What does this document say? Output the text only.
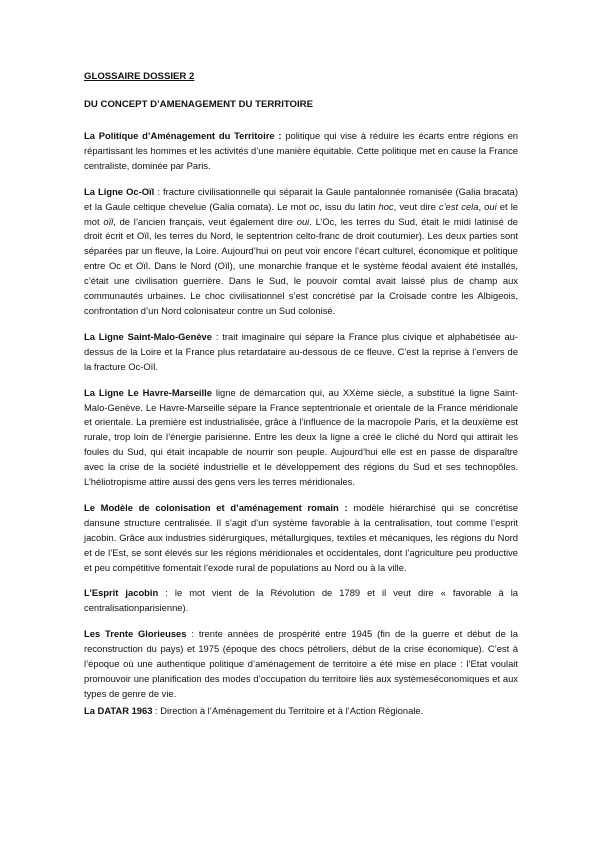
GLOSSAIRE DOSSIER 2
DU CONCEPT D’AMENAGEMENT DU TERRITOIRE

La Politique d’Aménagement du Territoire : politique qui vise à réduire les écarts entre régions en répartissant les hommes et les activités d’une manière équitable. Cette politique met en cause la France centraliste, dominée par Paris.

La Ligne Oc-Oïl : fracture civilisationnelle qui séparait la Gaule pantalonnée romanisée (Galia bracata) et la Gaule celtique chevelue (Galia comata). Le mot oc, issu du latin hoc, veut dire c’est cela, oui et le mot oïl, de l’ancien français, veut également dire oui. L’Oc, les terres du Sud, était le midi latinisé de droit écrit et Oïl, les terres du Nord, le septentrion celto-franc de droit coutumier). Les deux parties sont séparées par un fleuve, la Loire. Aujourd’hui on peut voir encore l’écart culturel, économique et politique entre Oc et Oïl. Dans le Nord (Oïl), une monarchie franque et le système féodal avaient été installés, c’était une civilisation guerrière. Dans le Sud, le pouvoir comtal avait laissé plus de champ aux communautés urbaines. Le choc civilisationnel s’est concrétisé par la Croisade contre les Albigeois, confrontation d’un Nord colonisateur contre un Sud colonisé.

La Ligne Saint-Malo-Genève : trait imaginaire qui sépare la France plus civique et alphabétisée au-dessus de la Loire et la France plus retardataire au-dessous de ce fleuve. C’est la reprise à l’envers de la fracture Oc-Oïl.

La Ligne Le Havre-Marseille ligne de démarcation qui, au XXème siècle, a substitué la ligne Saint-Malo-Genève. Le Havre-Marseille sépare la France septentrionale et orientale de la France méridionale et orientale. La première est industrialisée, grâce à l’influence de la macropole Paris, et la deuxième est rurale, trop loin de l’énergie parisienne. Entre les deux la ligne a créé le cliché du Nord qui attirait les foules du Sud, qui était incapable de nourrir son peuple. Aujourd’hui elle est en passe de disparaître avec la crise de la société industrielle et le développement des régions du Sud et ses technopôles. L’héliotropisme attire aussi des gens vers les terres méridionales.

Le Modèle de colonisation et d’aménagement romain : modèle hiérarchisé qui se concrétise dansune structure centralisée. Il s’agit d’un système favorable à la centralisation, tout comme l’esprit jacobin. Grâce aux industries sidérurgiques, métallurgiques, textiles et mécaniques, les régions du Nord et de l’Est, se sont élevés sur les régions méridionales et occidentales, dont l’agriculture peu productive et peu compétitive fomentait l’exode rural de populations au Nord ou à la ville.

L’Esprit jacobin : le mot vient de la Révolution de 1789 et il veut dire « favorable à la centralisationparisienne).

Les Trente Glorieuses : trente années de prospérité entre 1945 (fin de la guerre et début de la reconstruction du pays) et 1975 (époque des chocs pétroliers, début de la crise économique). C’est à l’époque où une authentique politique d’aménagement de territoire a été mise en place : l’Etat voulait promouvoir une planification des modes d’occupation du territoire liés aux systèmeséconomiques et aux types de genre de vie.

La DATAR 1963 : Direction à l’Aménagement du Territoire et à l’Action Régionale.
